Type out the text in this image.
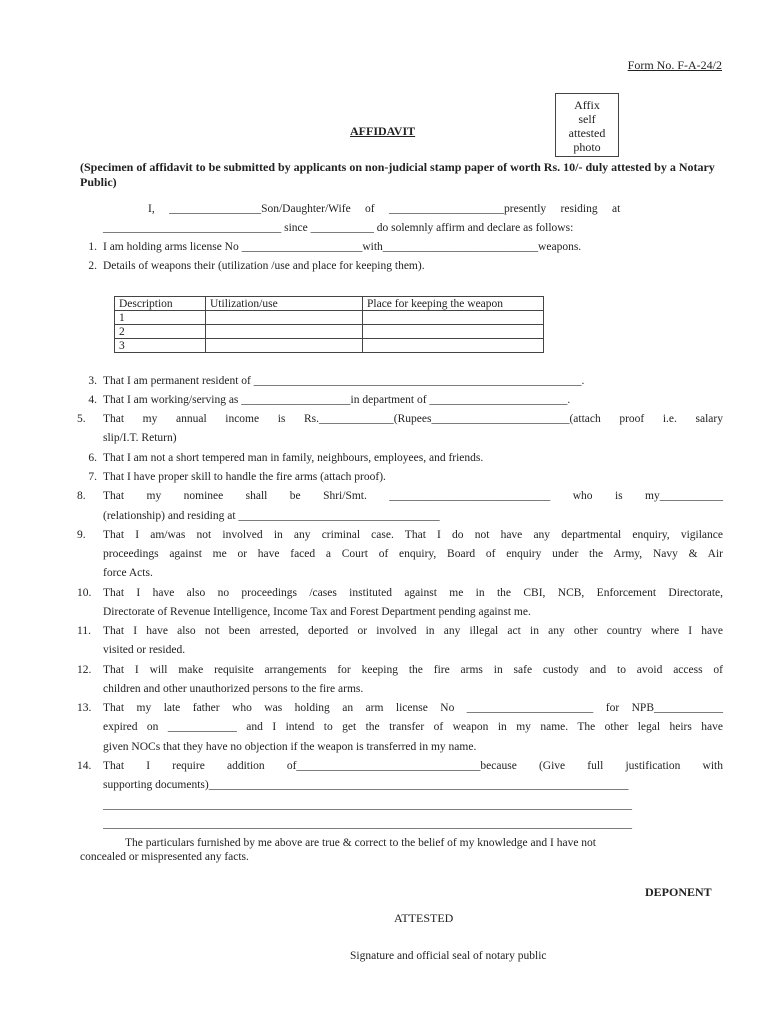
Form No. F-A-24/2
Affix
self
attested
photo
AFFIDAVIT
(Specimen of affidavit to be submitted by applicants on non-judicial stamp paper of worth Rs. 10/- duly attested by a Notary Public)
I,     ________________Son/Daughter/Wife     of     ____________________presently     residing     at
_______________________________ since ___________ do solemnly affirm and declare as follows:
1. I am holding arms license No _____________________with___________________________weapons.
2. Details of weapons their (utilization /use and place for keeping them).
Description	Utilization/use	Place for keeping the weapon
1		
2		
3		
3. That I am permanent resident of _________________________________________________________.
4. That I am working/serving as ___________________in department of ________________________.
5.	That my annual income is Rs._____________(Rupees________________________(attach proof i.e. salary
slip/I.T. Return)
6. That I am not a short tempered man in family, neighbours, employees, and friends.
7. That I have proper skill to handle the fire arms (attach proof).
8.	That my nominee shall be Shri/Smt. ____________________________ who is my___________
(relationship) and residing at ___________________________________
9.	That I am/was not involved in any criminal case. That I do not have any departmental enquiry, vigilance
proceedings against me or have faced a Court of enquiry, Board of enquiry under the Army, Navy & Air
force Acts.
10.	That I have also no proceedings /cases instituted against me in the CBI, NCB, Enforcement Directorate,
Directorate of Revenue Intelligence, Income Tax and Forest Department pending against me.
11.	That I have also not been arrested, deported or involved in any illegal act in any other country where I have
visited or resided.
12.	That I will make requisite arrangements for keeping the fire arms in safe custody and to avoid access of
children and other unauthorized persons to the fire arms.
13.	That my late father who was holding an arm license No ______________________ for NPB____________
expired on ____________ and I intend to get the transfer of weapon in my name. The other legal heirs have
given NOCs that they have no objection if the weapon is transferred in my name.
14.	That I require addition of________________________________because (Give full justification with
supporting documents)_________________________________________________________________________
____________________________________________________________________________________________
____________________________________________________________________________________________
The particulars furnished by me above are true & correct to the belief of my knowledge and I have not
concealed or mispresented any facts.
DEPONENT
ATTESTED
Signature and official seal of notary public
